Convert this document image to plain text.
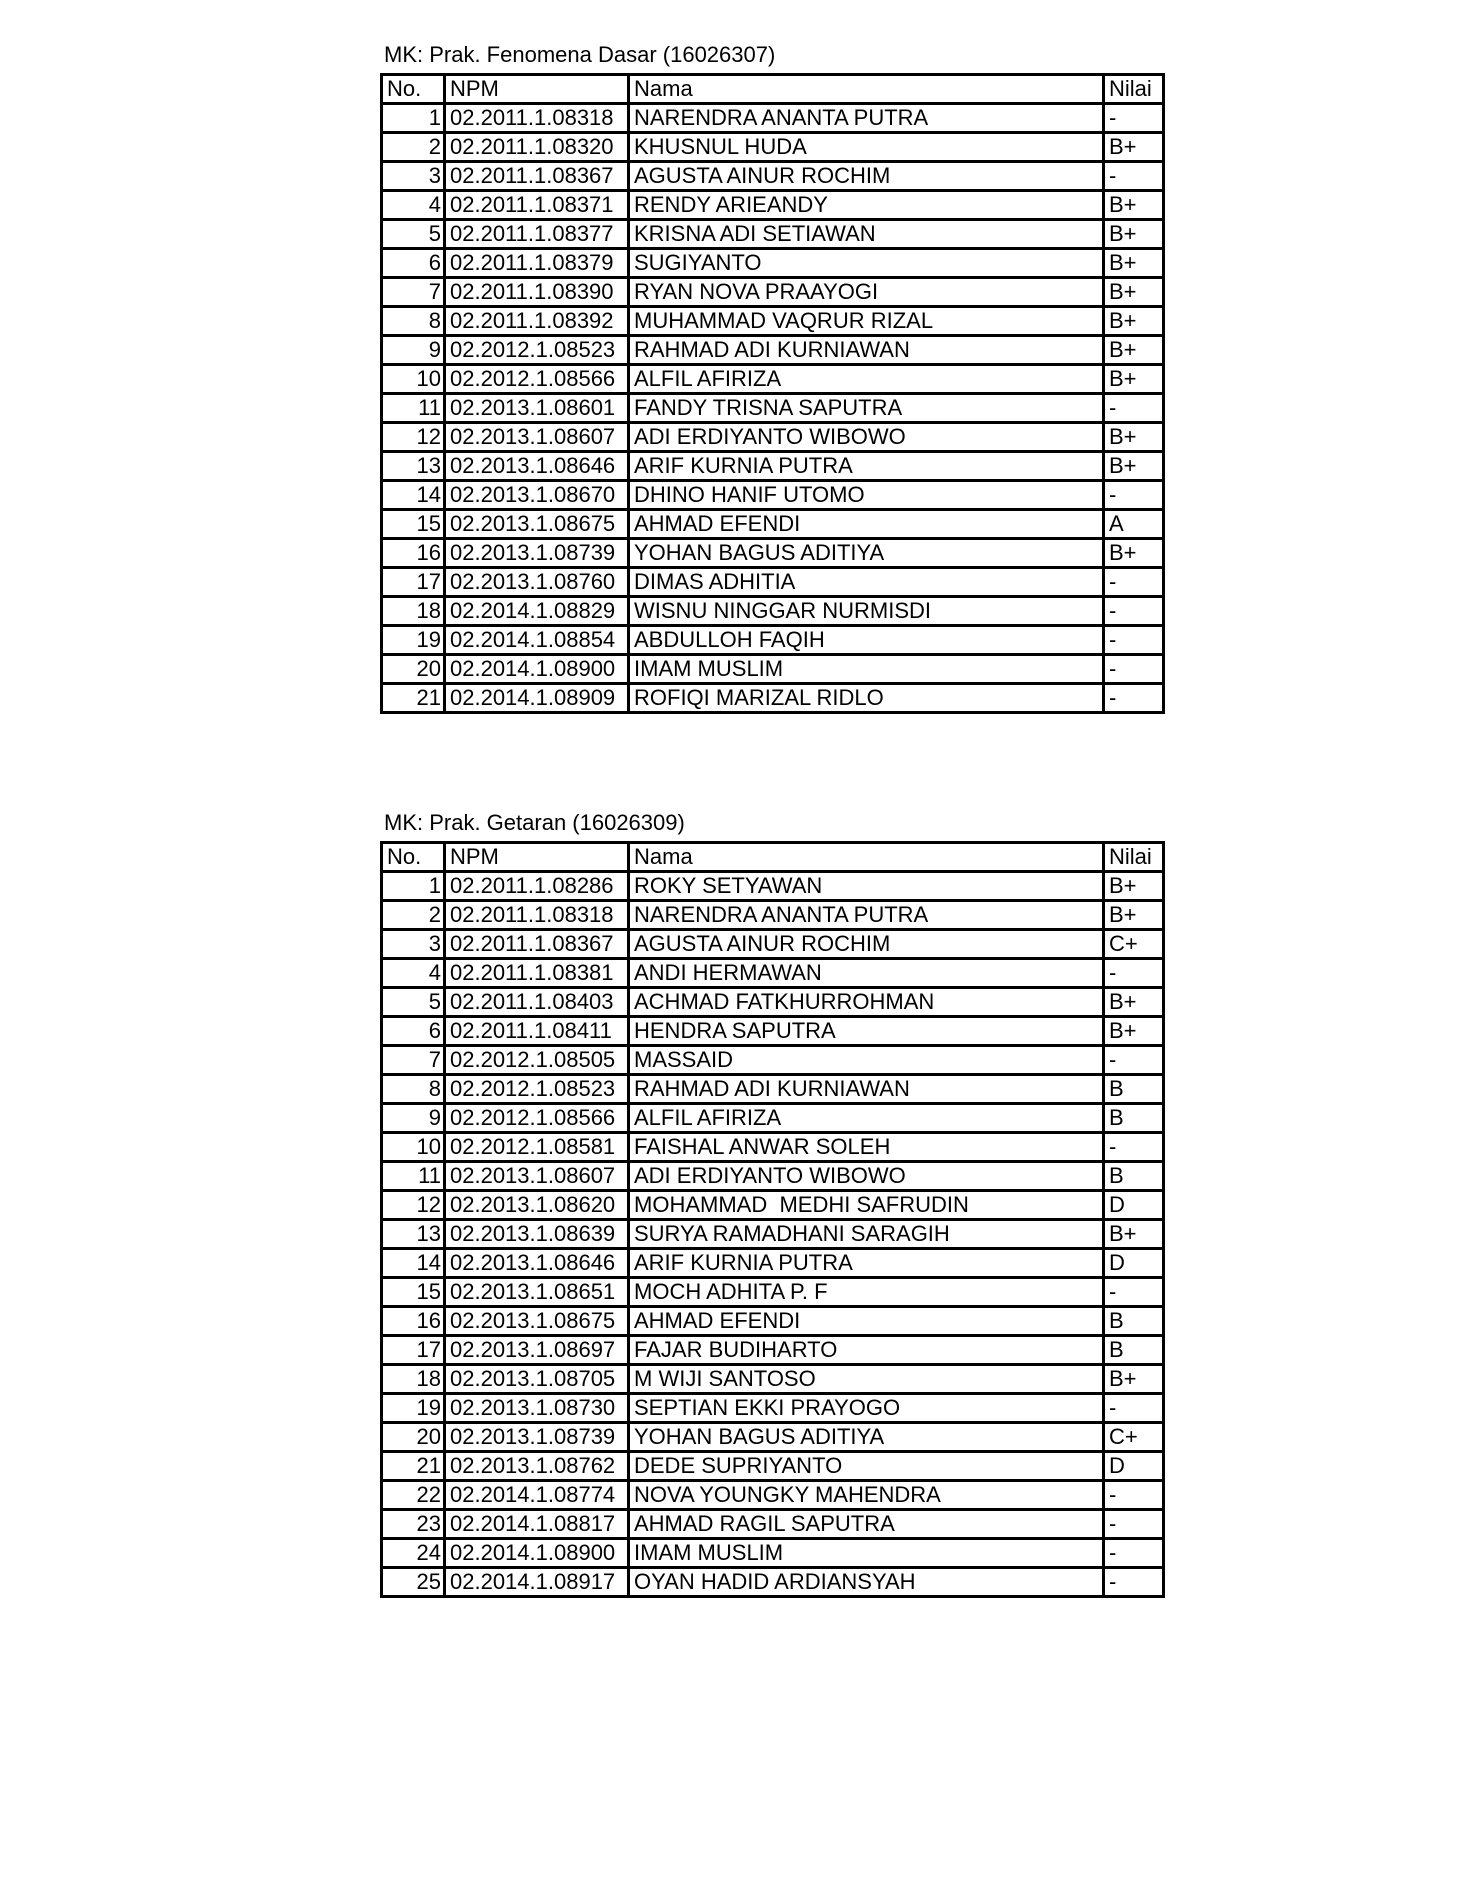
MK: Prak. Fenomena Dasar (16026307)
No.	NPM	Nama	Nilai
1	02.2011.1.08318	NARENDRA ANANTA PUTRA	-
2	02.2011.1.08320	KHUSNUL HUDA	B+
3	02.2011.1.08367	AGUSTA AINUR ROCHIM	-
4	02.2011.1.08371	RENDY ARIEANDY	B+
5	02.2011.1.08377	KRISNA ADI SETIAWAN	B+
6	02.2011.1.08379	SUGIYANTO	B+
7	02.2011.1.08390	RYAN NOVA PRAAYOGI	B+
8	02.2011.1.08392	MUHAMMAD VAQRUR RIZAL	B+
9	02.2012.1.08523	RAHMAD ADI KURNIAWAN	B+
10	02.2012.1.08566	ALFIL AFIRIZA	B+
11	02.2013.1.08601	FANDY TRISNA SAPUTRA	-
12	02.2013.1.08607	ADI ERDIYANTO WIBOWO	B+
13	02.2013.1.08646	ARIF KURNIA PUTRA	B+
14	02.2013.1.08670	DHINO HANIF UTOMO	-
15	02.2013.1.08675	AHMAD EFENDI	A
16	02.2013.1.08739	YOHAN BAGUS ADITIYA	B+
17	02.2013.1.08760	DIMAS ADHITIA	-
18	02.2014.1.08829	WISNU NINGGAR NURMISDI	-
19	02.2014.1.08854	ABDULLOH FAQIH	-
20	02.2014.1.08900	IMAM MUSLIM	-
21	02.2014.1.08909	ROFIQI MARIZAL RIDLO	-
MK: Prak. Getaran (16026309)
No.	NPM	Nama	Nilai
1	02.2011.1.08286	ROKY SETYAWAN	B+
2	02.2011.1.08318	NARENDRA ANANTA PUTRA	B+
3	02.2011.1.08367	AGUSTA AINUR ROCHIM	C+
4	02.2011.1.08381	ANDI HERMAWAN	-
5	02.2011.1.08403	ACHMAD FATKHURROHMAN	B+
6	02.2011.1.08411	HENDRA SAPUTRA	B+
7	02.2012.1.08505	MASSAID	-
8	02.2012.1.08523	RAHMAD ADI KURNIAWAN	B
9	02.2012.1.08566	ALFIL AFIRIZA	B
10	02.2012.1.08581	FAISHAL ANWAR SOLEH	-
11	02.2013.1.08607	ADI ERDIYANTO WIBOWO	B
12	02.2013.1.08620	MOHAMMAD  MEDHI SAFRUDIN	D
13	02.2013.1.08639	SURYA RAMADHANI SARAGIH	B+
14	02.2013.1.08646	ARIF KURNIA PUTRA	D
15	02.2013.1.08651	MOCH ADHITA P. F	-
16	02.2013.1.08675	AHMAD EFENDI	B
17	02.2013.1.08697	FAJAR BUDIHARTO	B
18	02.2013.1.08705	M WIJI SANTOSO	B+
19	02.2013.1.08730	SEPTIAN EKKI PRAYOGO	-
20	02.2013.1.08739	YOHAN BAGUS ADITIYA	C+
21	02.2013.1.08762	DEDE SUPRIYANTO	D
22	02.2014.1.08774	NOVA YOUNGKY MAHENDRA	-
23	02.2014.1.08817	AHMAD RAGIL SAPUTRA	-
24	02.2014.1.08900	IMAM MUSLIM	-
25	02.2014.1.08917	OYAN HADID ARDIANSYAH	-
